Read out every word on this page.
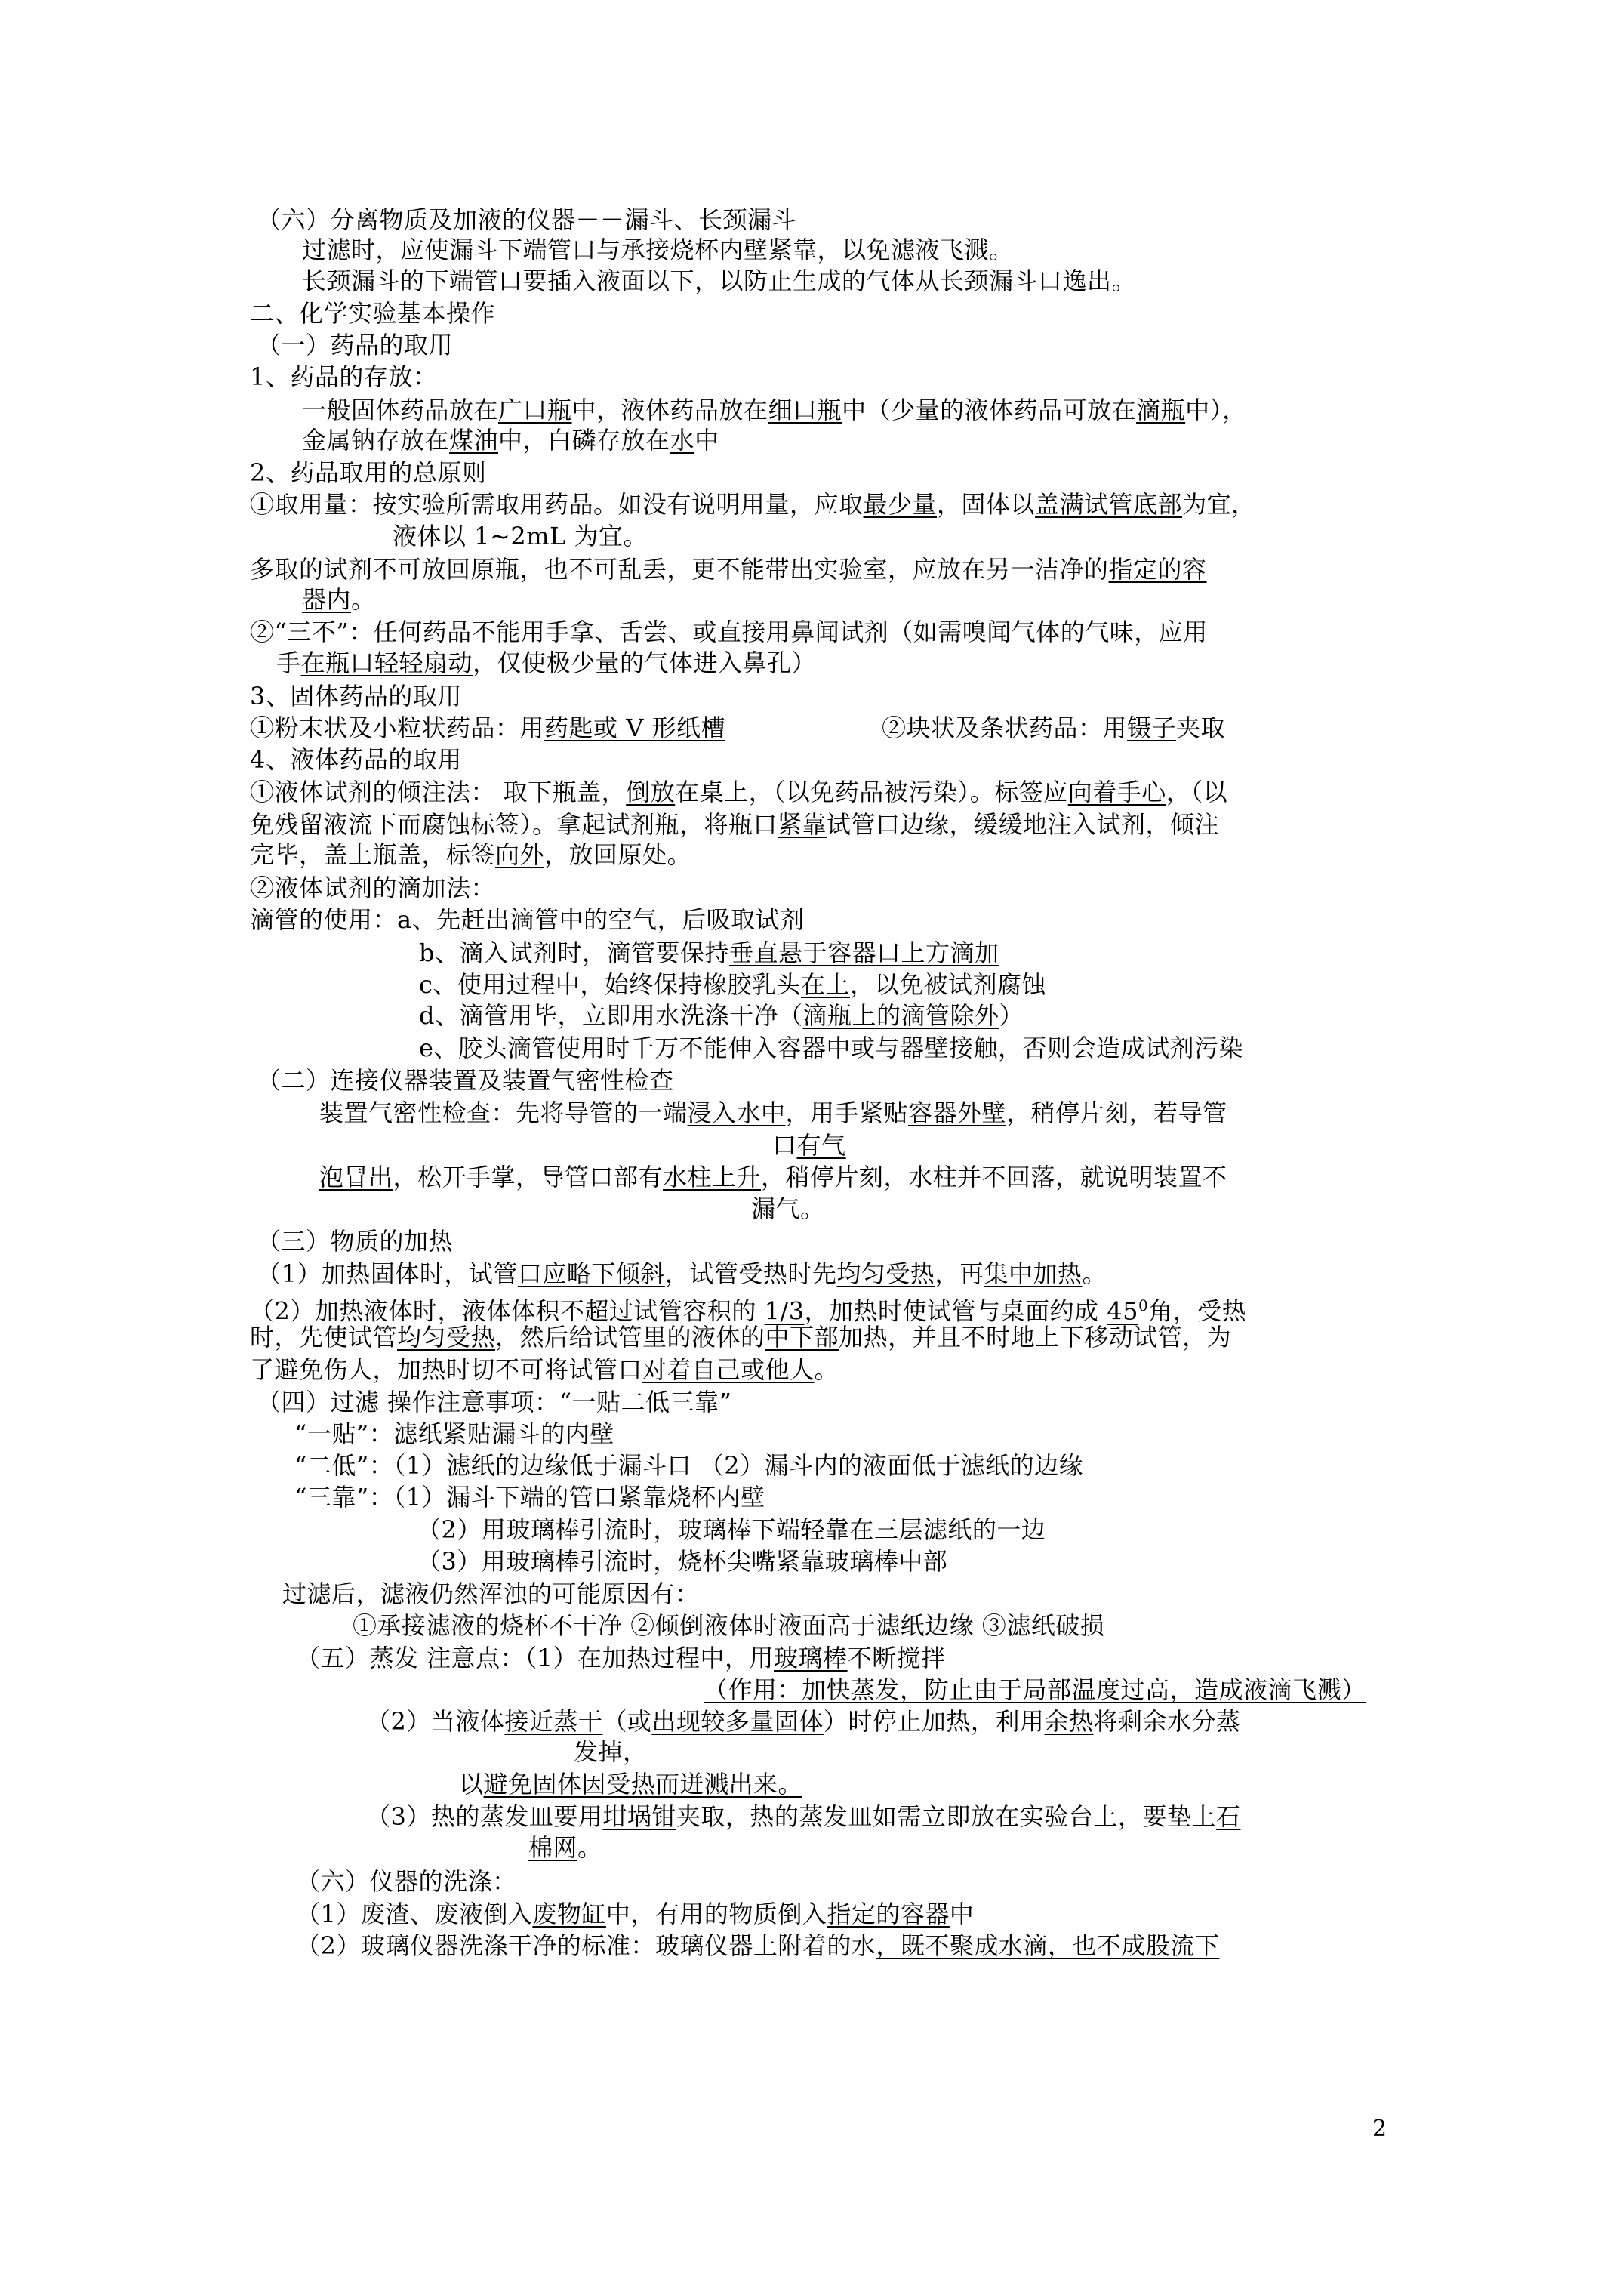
（六）分离物质及加液的仪器－－漏斗、长颈漏斗
过滤时，应使漏斗下端管口与承接烧杯内壁紧靠，以免滤液飞溅。
长颈漏斗的下端管口要插入液面以下，以防止生成的气体从长颈漏斗口逸出。
二、化学实验基本操作
（一）药品的取用
1、药品的存放：
一般固体药品放在广口瓶中，液体药品放在细口瓶中（少量的液体药品可放在滴瓶中），
金属钠存放在煤油中，白磷存放在水中
2、药品取用的总原则
①取用量：按实验所需取用药品。如没有说明用量，应取最少量，固体以盖满试管底部为宜，
液体以 1~2mL 为宜。
多取的试剂不可放回原瓶，也不可乱丢，更不能带出实验室，应放在另一洁净的指定的容
器内。
②“三不”：任何药品不能用手拿、舌尝、或直接用鼻闻试剂（如需嗅闻气体的气味，应用
手在瓶口轻轻扇动，仅使极少量的气体进入鼻孔）
3、固体药品的取用
①粉末状及小粒状药品：用药匙或 V 形纸槽	②块状及条状药品：用镊子夹取
4、液体药品的取用
①液体试剂的倾注法： 取下瓶盖，倒放在桌上，（以免药品被污染）。标签应向着手心，（以
免残留液流下而腐蚀标签）。拿起试剂瓶，将瓶口紧靠试管口边缘，缓缓地注入试剂，倾注
完毕，盖上瓶盖，标签向外，放回原处。
②液体试剂的滴加法：
滴管的使用：a、先赶出滴管中的空气，后吸取试剂
b、滴入试剂时，滴管要保持垂直悬于容器口上方滴加
c、使用过程中，始终保持橡胶乳头在上，以免被试剂腐蚀
d、滴管用毕，立即用水洗涤干净（滴瓶上的滴管除外）
e、胶头滴管使用时千万不能伸入容器中或与器壁接触，否则会造成试剂污染
（二）连接仪器装置及装置气密性检查
装置气密性检查：先将导管的一端浸入水中，用手紧贴容器外壁，稍停片刻，若导管
口有气
泡冒出，松开手掌，导管口部有水柱上升，稍停片刻，水柱并不回落，就说明装置不
漏气。
（三）物质的加热
（1）加热固体时，试管口应略下倾斜，试管受热时先均匀受热，再集中加热。
（2）加热液体时，液体体积不超过试管容积的 1/3，加热时使试管与桌面约成 $45^0$角，受热
时，先使试管均匀受热，然后给试管里的液体的中下部加热，并且不时地上下移动试管，为
了避免伤人，加热时切不可将试管口对着自己或他人。
（四）过滤 操作注意事项：“一贴二低三靠”
“一贴”：滤纸紧贴漏斗的内壁
“二低”：（1）滤纸的边缘低于漏斗口 （2）漏斗内的液面低于滤纸的边缘
“三靠”：（1）漏斗下端的管口紧靠烧杯内壁
（2）用玻璃棒引流时，玻璃棒下端轻靠在三层滤纸的一边
（3）用玻璃棒引流时，烧杯尖嘴紧靠玻璃棒中部
过滤后，滤液仍然浑浊的可能原因有：
①承接滤液的烧杯不干净 ②倾倒液体时液面高于滤纸边缘 ③滤纸破损
（五）蒸发 注意点：（1）在加热过程中，用玻璃棒不断搅拌
（作用：加快蒸发，防止由于局部温度过高，造成液滴飞溅）
（2）当液体接近蒸干（或出现较多量固体）时停止加热，利用余热将剩余水分蒸
发掉，
以避免固体因受热而迸溅出来。
（3）热的蒸发皿要用坩埚钳夹取，热的蒸发皿如需立即放在实验台上，要垫上石
棉网。
（六）仪器的洗涤：
（1）废渣、废液倒入废物缸中，有用的物质倒入指定的容器中
（2）玻璃仪器洗涤干净的标准：玻璃仪器上附着的水，既不聚成水滴，也不成股流下
2
